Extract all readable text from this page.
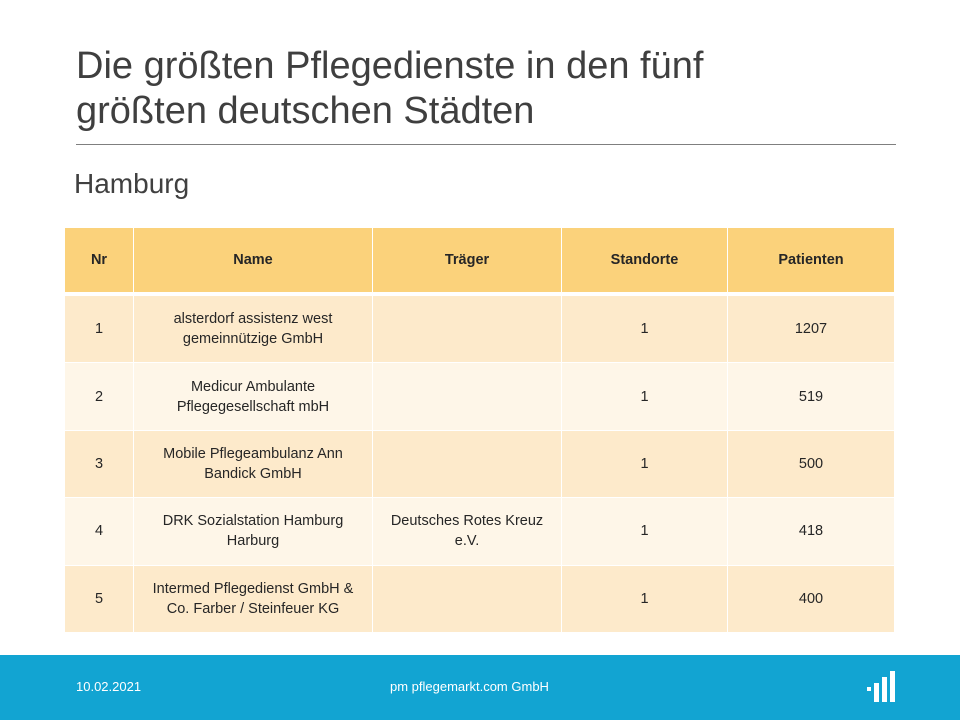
Die größten Pflegedienste in den fünf
größten deutschen Städten
Hamburg
Nr	Name	Träger	Standorte	Patienten
1	alsterdorf assistenz west gemeinnützige GmbH		1	1207
2	Medicur Ambulante Pflegegesellschaft mbH		1	519
3	Mobile Pflegeambulanz Ann Bandick GmbH		1	500
4	DRK Sozialstation Hamburg Harburg	Deutsches Rotes Kreuz e.V.	1	418
5	Intermed Pflegedienst GmbH & Co. Farber / Steinfeuer KG		1	400
10.02.2021	pm pflegemarkt.com GmbH
